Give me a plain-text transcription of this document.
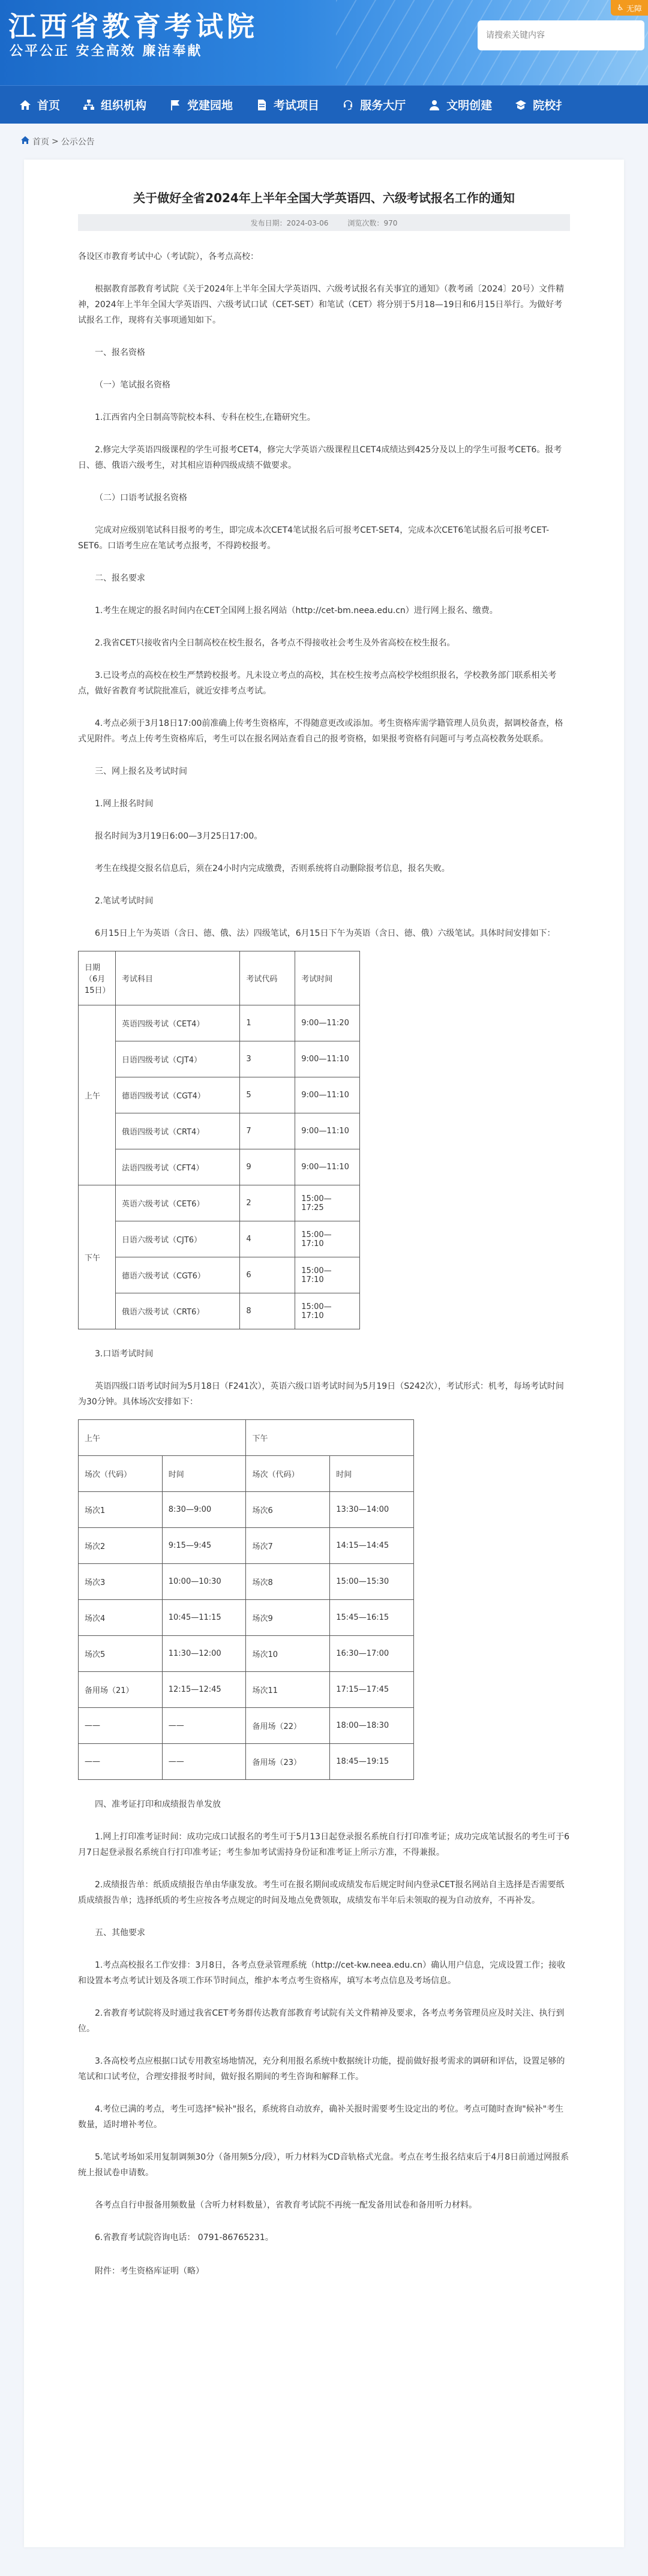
江西省教育考试院
公平公正 安全高效 廉洁奉献
请搜索关键内容
♿ 无障
首页	组织机构	党建园地	考试项目	服务大厅	文明创建	院校扌
首页 > 公示公告
关于做好全省2024年上半年全国大学英语四、六级考试报名工作的通知
发布日期：2024-03-06	浏览次数：970

各设区市教育考试中心（考试院），各考点高校：

根据教育部教育考试院《关于2024年上半年全国大学英语四、六级考试报名有关事宜的通知》（教考函〔2024〕20号）文件精神，2024年上半年全国大学英语四、六级考试口试（CET-SET）和笔试（CET）将分别于5月18—19日和6月15日举行。为做好考试报名工作，现将有关事项通知如下。

一、报名资格

（一）笔试报名资格

1.江西省内全日制高等院校本科、专科在校生,在籍研究生。

2.修完大学英语四级课程的学生可报考CET4，修完大学英语六级课程且CET4成绩达到425分及以上的学生可报考CET6。报考日、德、俄语六级考生，对其相应语种四级成绩不做要求。

（二）口语考试报名资格

完成对应级别笔试科目报考的考生，即完成本次CET4笔试报名后可报考CET-SET4，完成本次CET6笔试报名后可报考CET-SET6。口语考生应在笔试考点报考，不得跨校报考。

二、报名要求

1.考生在规定的报名时间内在CET全国网上报名网站（http://cet-bm.neea.edu.cn）进行网上报名、缴费。

2.我省CET只接收省内全日制高校在校生报名，各考点不得接收社会考生及外省高校在校生报名。

3.已设考点的高校在校生严禁跨校报考。凡未设立考点的高校，其在校生按考点高校学校组织报名，学校教务部门联系相关考点，做好省教育考试院批准后，就近安排考点考试。

4.考点必须于3月18日17:00前准确上传考生资格库，不得随意更改或添加。考生资格库需学籍管理人员负责，据调校备查，格式见附件。考点上传考生资格库后，考生可以在报名网站查看自己的报考资格，如果报考资格有问题可与考点高校教务处联系。

三、网上报名及考试时间

1.网上报名时间

报名时间为3月19日6:00—3月25日17:00。

考生在线提交报名信息后，须在24小时内完成缴费，否则系统将自动删除报考信息，报名失败。

2.笔试考试时间

6月15日上午为英语（含日、德、俄、法）四级笔试，6月15日下午为英语（含日、德、俄）六级笔试。具体时间安排如下：

日期（6月15日）	考试科目	考试代码	考试时间
上午	英语四级考试（CET4）	1	9:00—11:20
	日语四级考试（CJT4）	3	9:00—11:10
	德语四级考试（CGT4）	5	9:00—11:10
	俄语四级考试（CRT4）	7	9:00—11:10
	法语四级考试（CFT4）	9	9:00—11:10
下午	英语六级考试（CET6）	2	15:00—17:25
	日语六级考试（CJT6）	4	15:00—17:10
	德语六级考试（CGT6）	6	15:00—17:10
	俄语六级考试（CRT6）	8	15:00—17:10

3.口语考试时间

英语四级口语考试时间为5月18日（F241次），英语六级口语考试时间为5月19日（S242次），考试形式：机考，每场考试时间为30分钟。具体场次安排如下：

上午		下午	
场次（代码）	时间	场次（代码）	时间
场次1	8:30—9:00	场次6	13:30—14:00
场次2	9:15—9:45	场次7	14:15—14:45
场次3	10:00—10:30	场次8	15:00—15:30
场次4	10:45—11:15	场次9	15:45—16:15
场次5	11:30—12:00	场次10	16:30—17:00
备用场（21）	12:15—12:45	场次11	17:15—17:45
——	——	备用场（22）	18:00—18:30
——	——	备用场（23）	18:45—19:15

四、准考证打印和成绩报告单发放

1.网上打印准考证时间：成功完成口试报名的考生可于5月13日起登录报名系统自行打印准考证；成功完成笔试报名的考生可于6月7日起登录报名系统自行打印准考证；考生参加考试需持身份证和准考证上所示方准，不得兼报。

2.成绩报告单：纸质成绩报告单由华康发放。考生可在报名期间或成绩发布后规定时间内登录CET报名网站自主选择是否需要纸质成绩报告单；选择纸质的考生应按各考点规定的时间及地点免费领取，成绩发布半年后未领取的视为自动放弃，不再补发。

五、其他要求

1.考点高校报名工作安排：3月8日，各考点登录管理系统（http://cet-kw.neea.edu.cn）确认用户信息，完成设置工作；接收和设置本考点考试计划及各项工作环节时间点，维护本考点考生资格库，填写本考点信息及考场信息。

2.省教育考试院将及时通过我省CET考务群传达教育部教育考试院有关文件精神及要求，各考点考务管理员应及时关注、执行到位。

3.各高校考点应根据口试专用教室场地情况，充分利用报名系统中数据统计功能，提前做好报考需求的调研和评估，设置足够的笔试和口试考位，合理安排报考时间，做好报名期间的考生咨询和解释工作。

4.考位已满的考点，考生可选择"候补"报名，系统将自动放弃，确补关报时需要考生设定出的考位。考点可随时查询"候补"考生数量，适时增补考位。

5.笔试考场如采用复制调频30分（备用频5分/段），听力材料为CD音轨格式光盘。考点在考生报名结束后于4月8日前通过网报系统上报试卷申请数。

各考点自行申报备用频数量（含听力材料数量），省教育考试院不再统一配发备用试卷和备用听力材料。

6.省教育考试院咨询电话： 0791-86765231。

附件：考生资格库证明（略）
